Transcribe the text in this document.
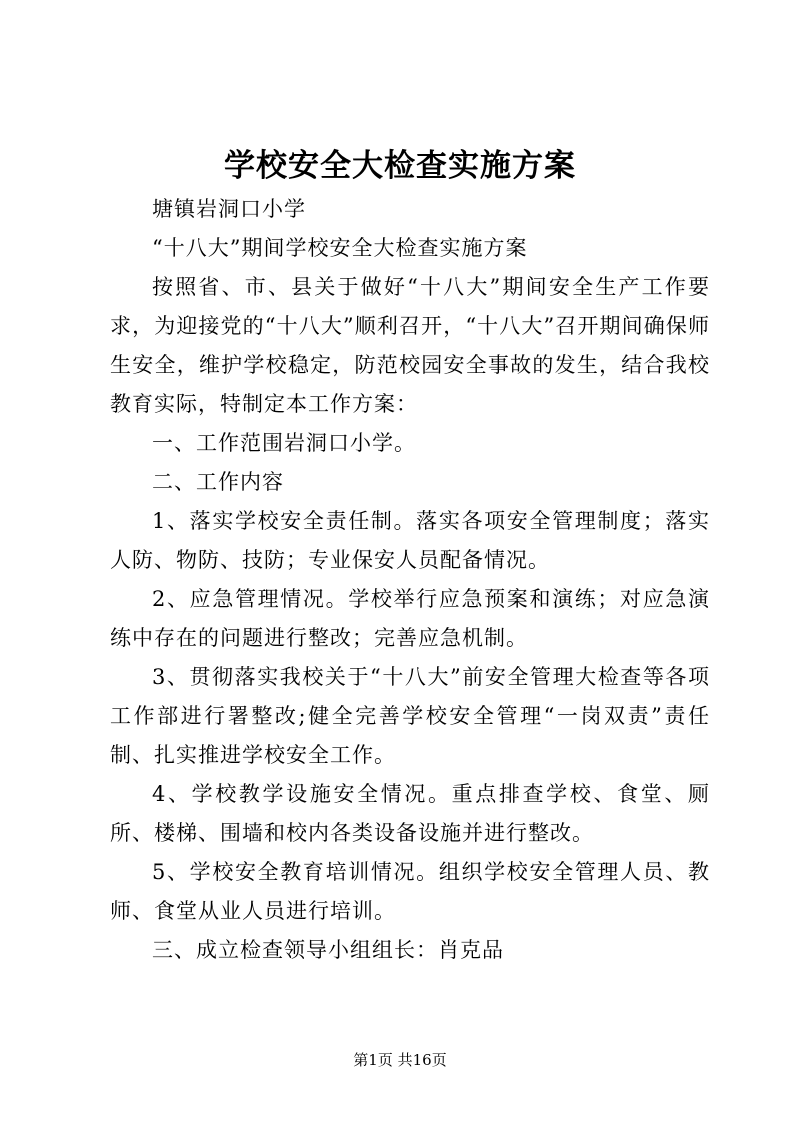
学校安全大检查实施方案

塘镇岩洞口小学

“十八大”期间学校安全大检查实施方案

按照省、市、县关于做好“十八大”期间安全生产工作要求，为迎接党的“十八大”顺利召开，“十八大”召开期间确保师生安全，维护学校稳定，防范校园安全事故的发生，结合我校教育实际，特制定本工作方案：

一、工作范围岩洞口小学。

二、工作内容

1、落实学校安全责任制。落实各项安全管理制度；落实人防、物防、技防；专业保安人员配备情况。

2、应急管理情况。学校举行应急预案和演练；对应急演练中存在的问题进行整改；完善应急机制。

3、贯彻落实我校关于“十八大”前安全管理大检查等各项工作部进行署整改;健全完善学校安全管理“一岗双责”责任制、扎实推进学校安全工作。

4、学校教学设施安全情况。重点排查学校、食堂、厕所、楼梯、围墙和校内各类设备设施并进行整改。

5、学校安全教育培训情况。组织学校安全管理人员、教师、食堂从业人员进行培训。

三、成立检查领导小组组长：肖克品

第1页 共16页
